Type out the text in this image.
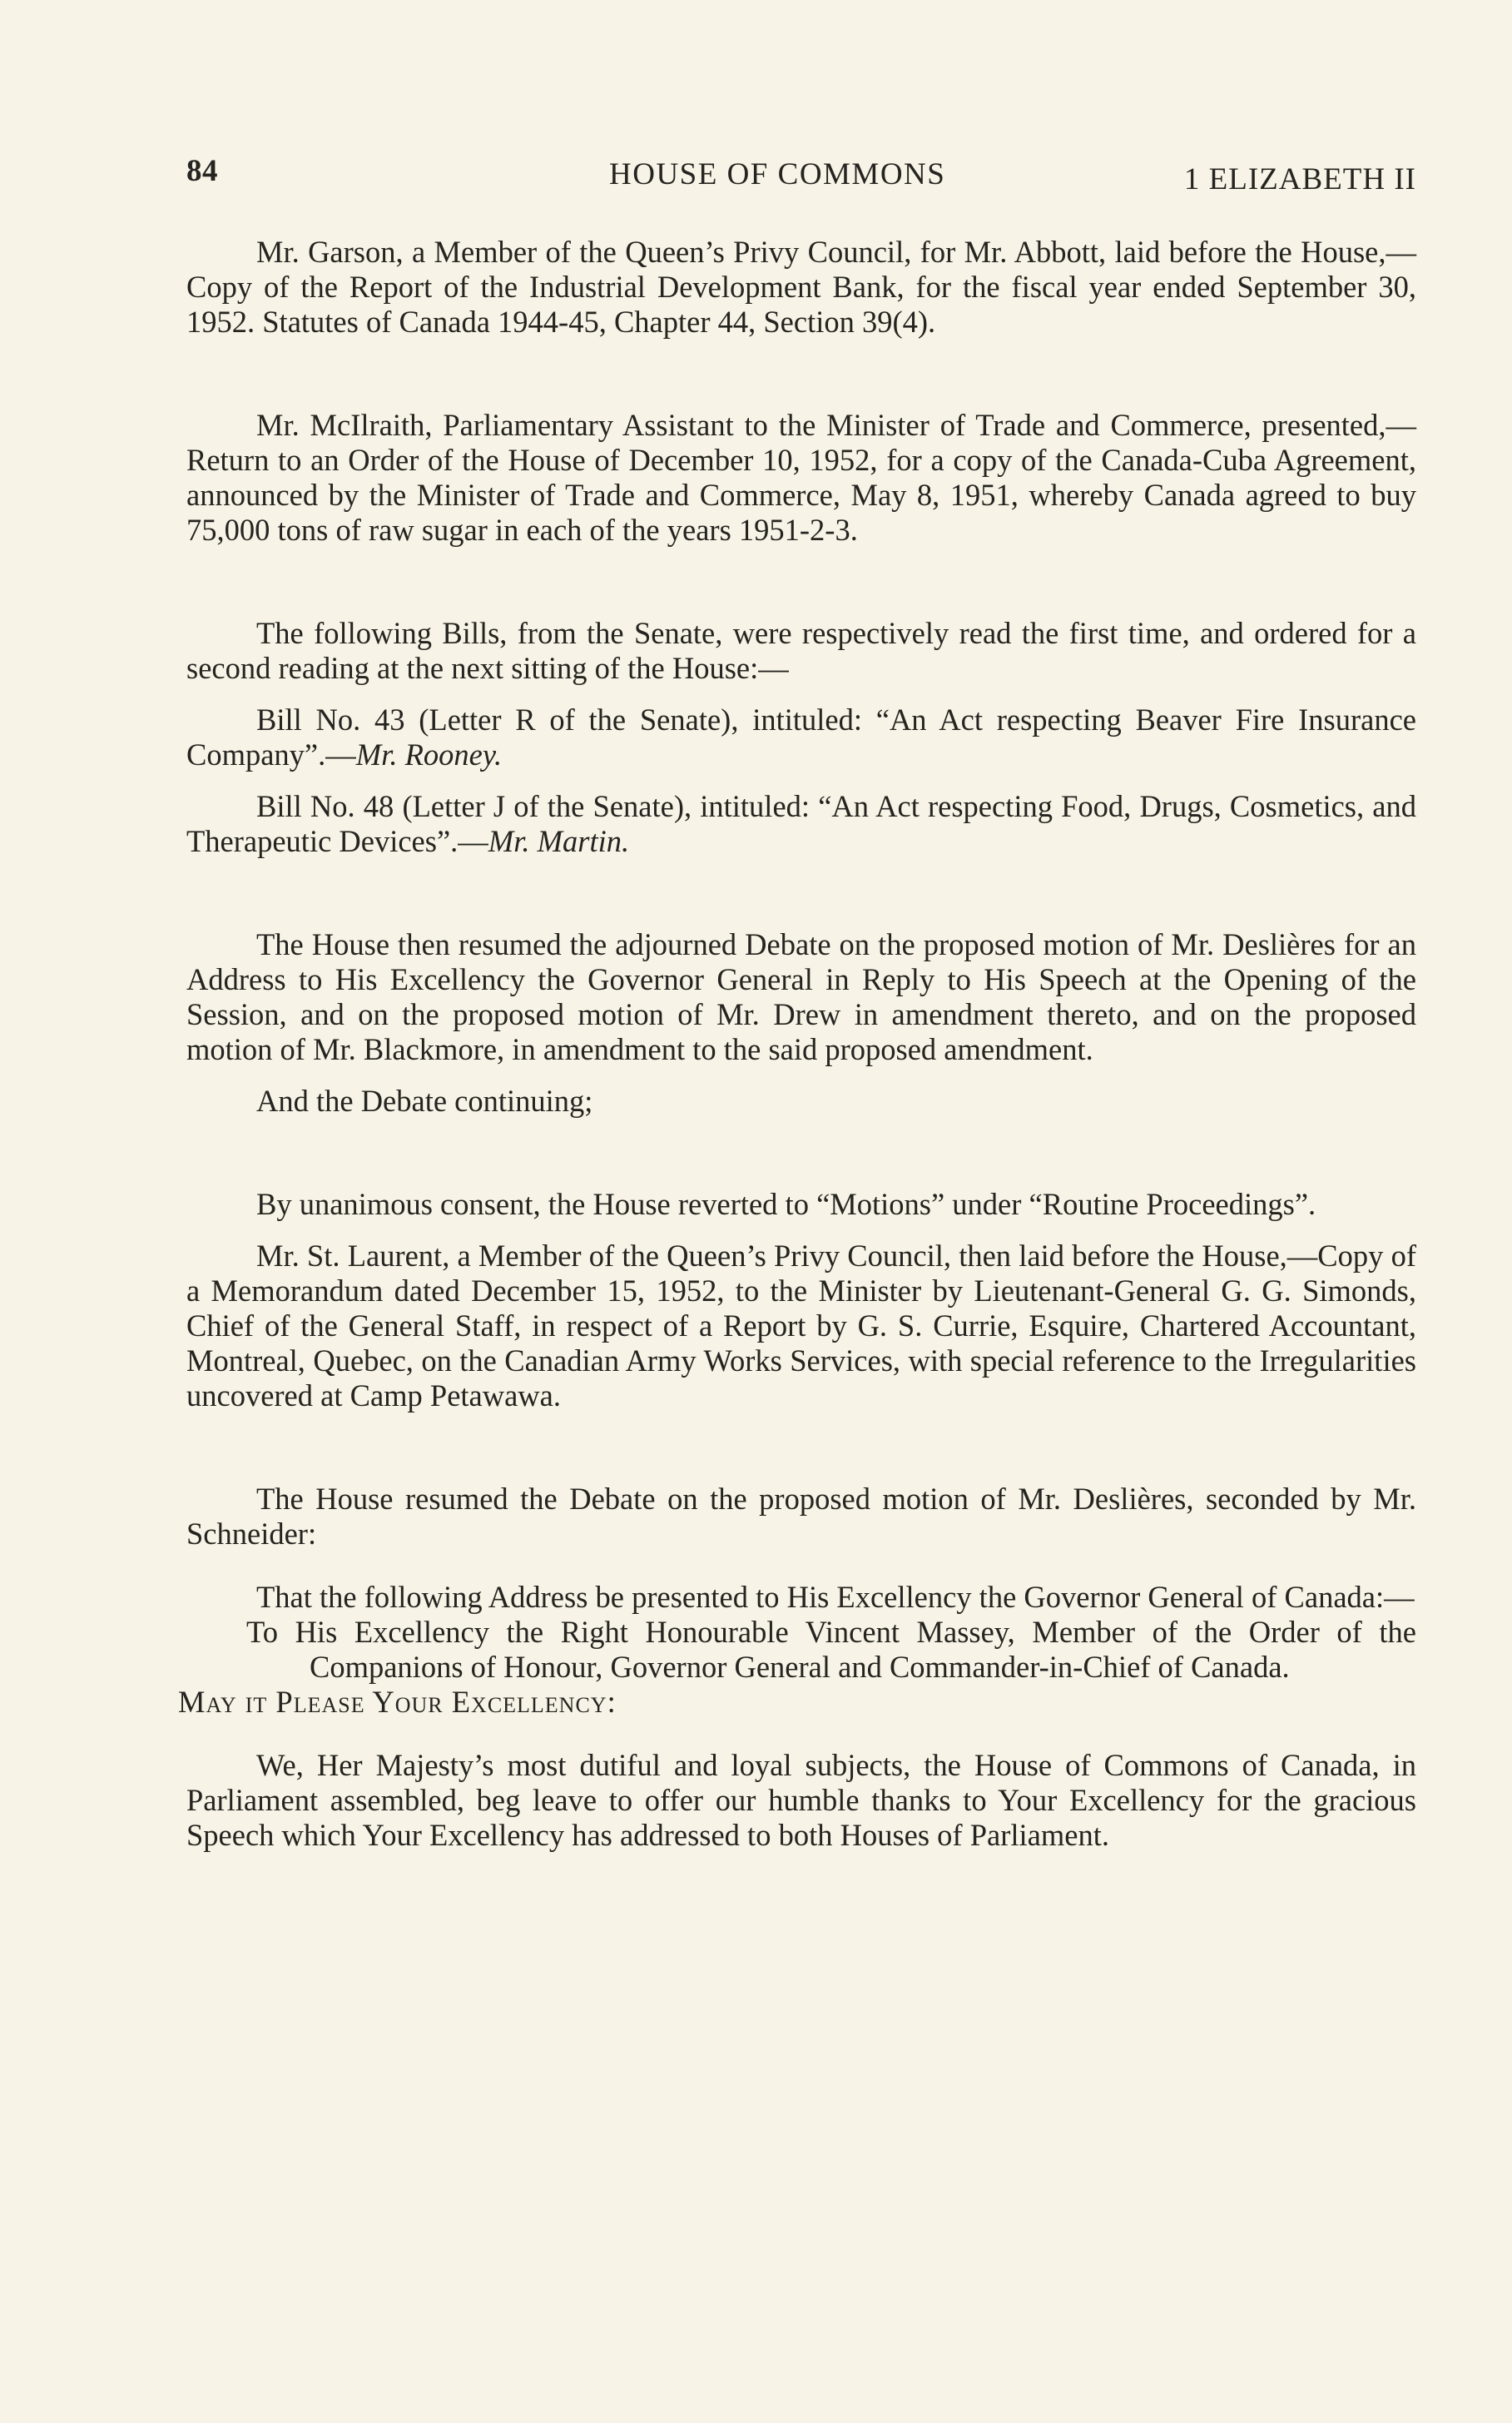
84	HOUSE OF COMMONS	1 ELIZABETH II

Mr. Garson, a Member of the Queen’s Privy Council, for Mr. Abbott, laid before the House,—Copy of the Report of the Industrial Development Bank, for the fiscal year ended September 30, 1952. Statutes of Canada 1944-45, Chapter 44, Section 39(4).

Mr. McIlraith, Parliamentary Assistant to the Minister of Trade and Commerce, presented,—Return to an Order of the House of December 10, 1952, for a copy of the Canada-Cuba Agreement, announced by the Minister of Trade and Commerce, May 8, 1951, whereby Canada agreed to buy 75,000 tons of raw sugar in each of the years 1951-2-3.

The following Bills, from the Senate, were respectively read the first time, and ordered for a second reading at the next sitting of the House:—

Bill No. 43 (Letter R of the Senate), intituled: “An Act respecting Beaver Fire Insurance Company”.—Mr. Rooney.

Bill No. 48 (Letter J of the Senate), intituled: “An Act respecting Food, Drugs, Cosmetics, and Therapeutic Devices”.—Mr. Martin.

The House then resumed the adjourned Debate on the proposed motion of Mr. Deslières for an Address to His Excellency the Governor General in Reply to His Speech at the Opening of the Session, and on the proposed motion of Mr. Drew in amendment thereto, and on the proposed motion of Mr. Blackmore, in amendment to the said proposed amendment.

And the Debate continuing;

By unanimous consent, the House reverted to “Motions” under “Routine Proceedings”.

Mr. St. Laurent, a Member of the Queen’s Privy Council, then laid before the House,—Copy of a Memorandum dated December 15, 1952, to the Minister by Lieutenant-General G. G. Simonds, Chief of the General Staff, in respect of a Report by G. S. Currie, Esquire, Chartered Accountant, Montreal, Quebec, on the Canadian Army Works Services, with special reference to the Irregularities uncovered at Camp Petawawa.

The House resumed the Debate on the proposed motion of Mr. Deslières, seconded by Mr. Schneider:

That the following Address be presented to His Excellency the Governor General of Canada:—

To His Excellency the Right Honourable Vincent Massey, Member of the Order of the Companions of Honour, Governor General and Commander-in-Chief of Canada.

May it Please Your Excellency:

We, Her Majesty’s most dutiful and loyal subjects, the House of Commons of Canada, in Parliament assembled, beg leave to offer our humble thanks to Your Excellency for the gracious Speech which Your Excellency has addressed to both Houses of Parliament.
